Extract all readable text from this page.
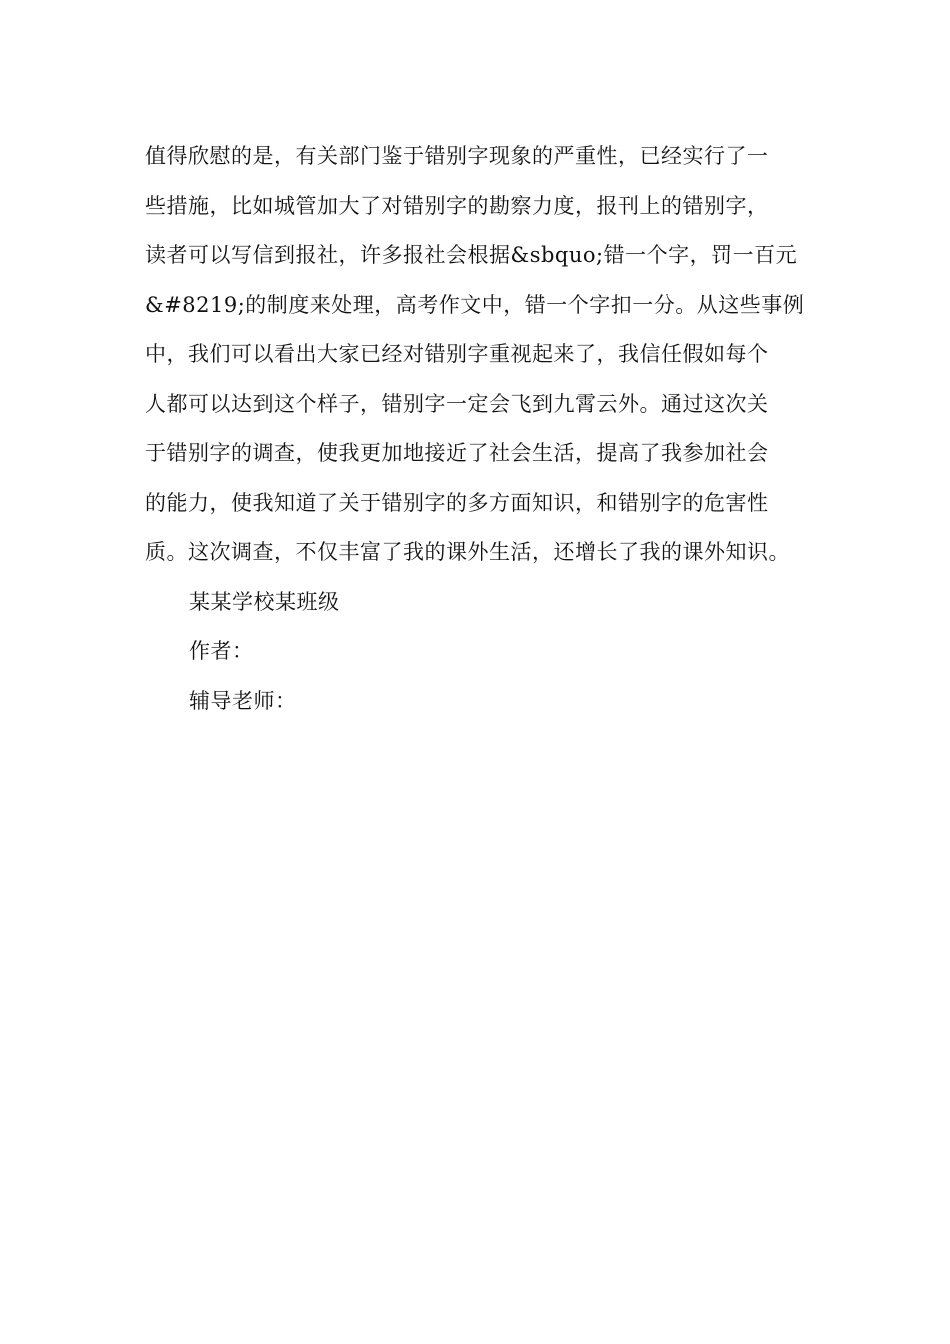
值得欣慰的是，有关部门鉴于错别字现象的严重性，已经实行了一
些措施，比如城管加大了对错别字的勘察力度，报刊上的错别字，
读者可以写信到报社，许多报社会根据&sbquo;错一个字，罚一百元
&#8219;的制度来处理，高考作文中，错一个字扣一分。从这些事例
中，我们可以看出大家已经对错别字重视起来了，我信任假如每个
人都可以达到这个样子，错别字一定会飞到九霄云外。通过这次关
于错别字的调查，使我更加地接近了社会生活，提高了我参加社会
的能力，使我知道了关于错别字的多方面知识，和错别字的危害性
质。这次调查，不仅丰富了我的课外生活，还增长了我的课外知识。
某某学校某班级
作者：
辅导老师：
